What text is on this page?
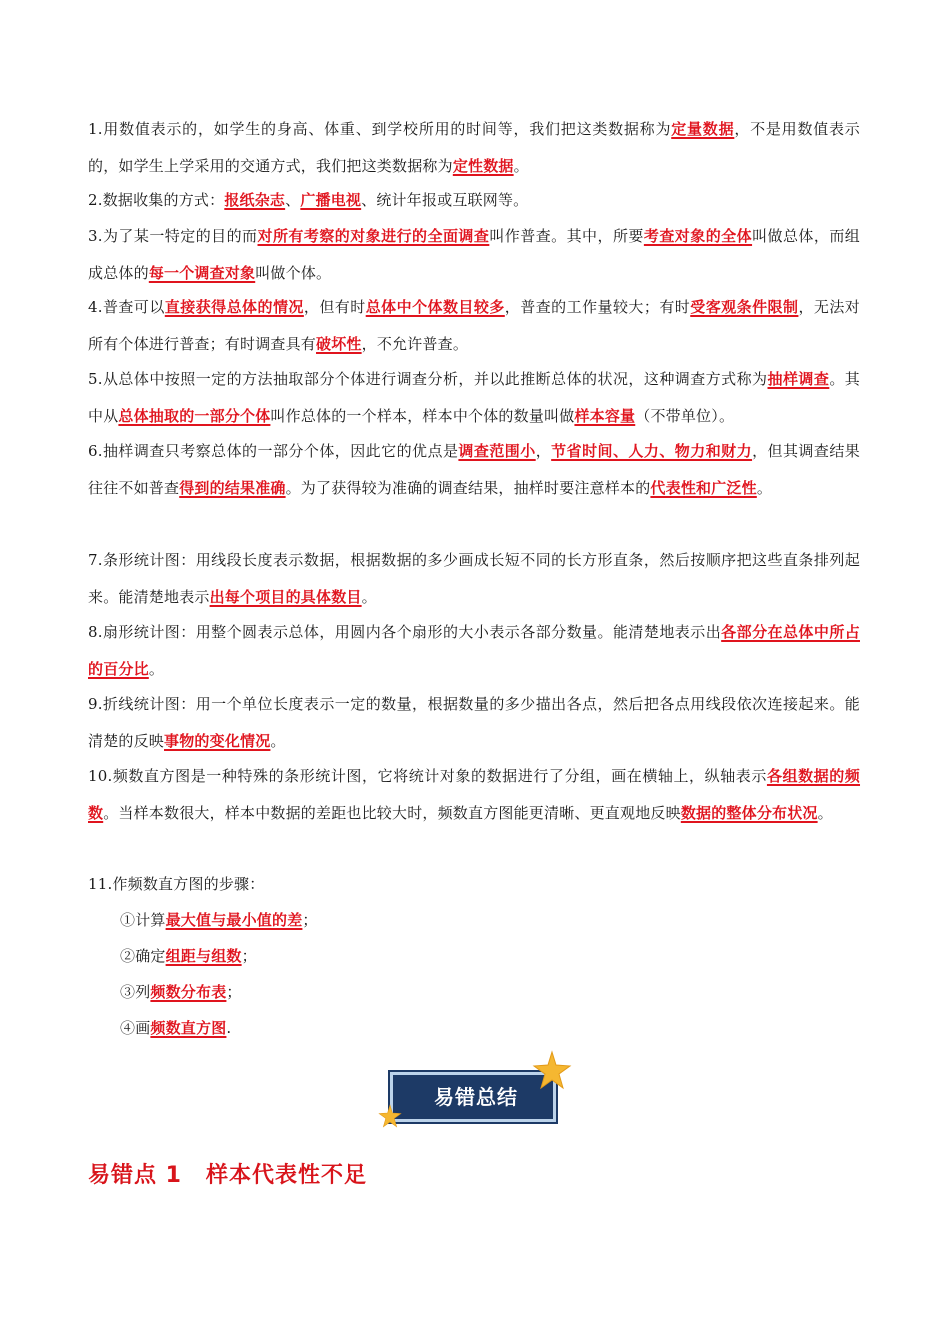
1.用数值表示的，如学生的身高、体重、到学校所用的时间等，我们把这类数据称为定量数据，不是用数值表示的，如学生上学采用的交通方式，我们把这类数据称为定性数据。
2.数据收集的方式：报纸杂志、广播电视、统计年报或互联网等。
3.为了某一特定的目的而对所有考察的对象进行的全面调查叫作普查。其中，所要考查对象的全体叫做总体，而组成总体的每一个调查对象叫做个体。
4.普查可以直接获得总体的情况，但有时总体中个体数目较多，普查的工作量较大；有时受客观条件限制，无法对所有个体进行普查；有时调查具有破坏性，不允许普查。
5.从总体中按照一定的方法抽取部分个体进行调查分析，并以此推断总体的状况，这种调查方式称为抽样调查。其中从总体抽取的一部分个体叫作总体的一个样本，样本中个体的数量叫做样本容量（不带单位）。
6.抽样调查只考察总体的一部分个体，因此它的优点是调查范围小，节省时间、人力、物力和财力，但其调查结果往往不如普查得到的结果准确。为了获得较为准确的调查结果，抽样时要注意样本的代表性和广泛性。
7.条形统计图：用线段长度表示数据，根据数据的多少画成长短不同的长方形直条，然后按顺序把这些直条排列起来。能清楚地表示出每个项目的具体数目。
8.扇形统计图：用整个圆表示总体，用圆内各个扇形的大小表示各部分数量。能清楚地表示出各部分在总体中所占的百分比。
9.折线统计图：用一个单位长度表示一定的数量，根据数量的多少描出各点，然后把各点用线段依次连接起来。能清楚的反映事物的变化情况。
10.频数直方图是一种特殊的条形统计图，它将统计对象的数据进行了分组，画在横轴上，纵轴表示各组数据的频数。当样本数很大，样本中数据的差距也比较大时，频数直方图能更清晰、更直观地反映数据的整体分布状况。
11.作频数直方图的步骤：
①计算最大值与最小值的差；
②确定组距与组数；
③列频数分布表；
④画频数直方图.
易错总结
易错点 1 样本代表性不足
